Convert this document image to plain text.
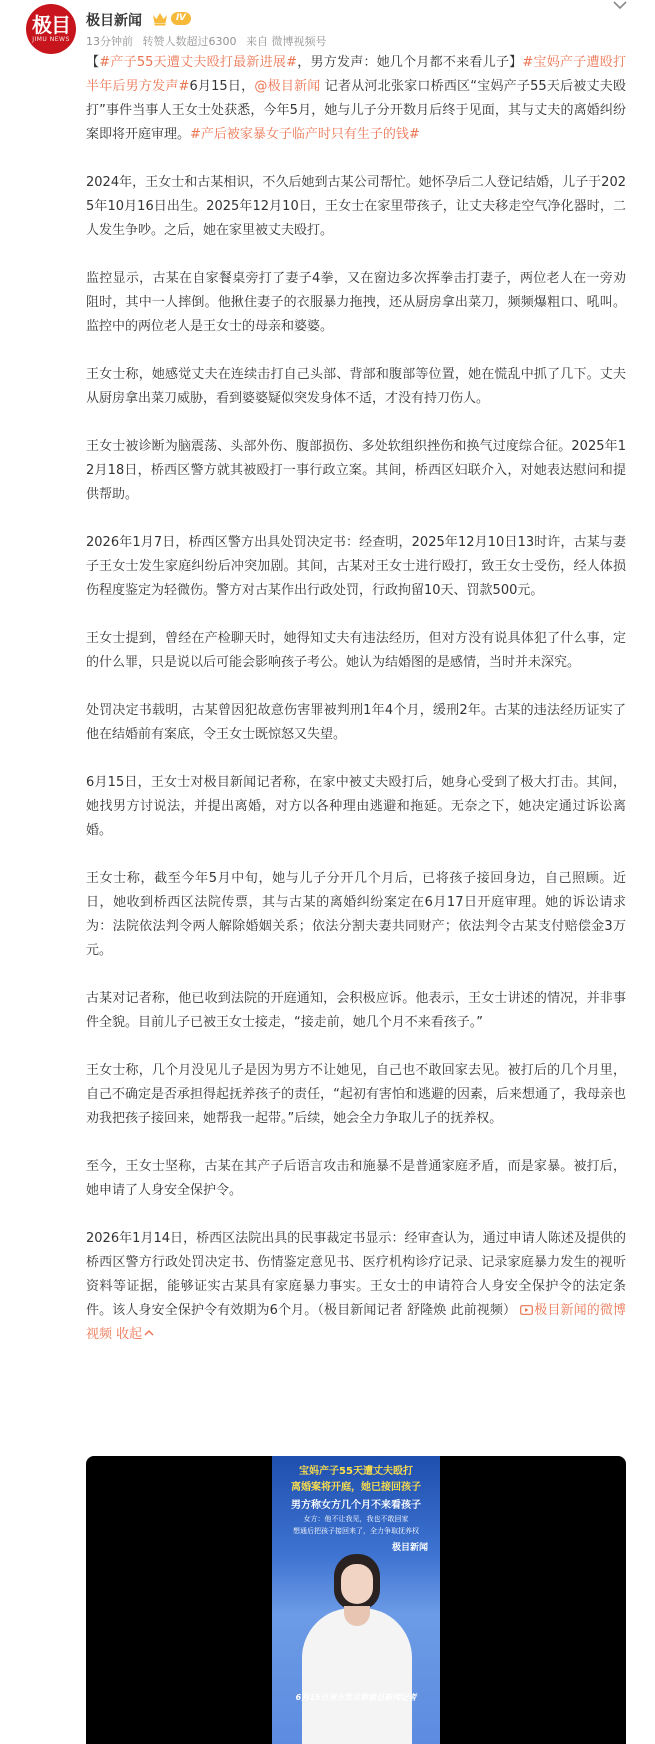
极目
JIMU NEWS
极目新闻	Ⅳ
13分钟前 转赞人数超过6300 来自 微博视频号

【#产子55天遭丈夫殴打最新进展#，男方发声：她几个月都不来看儿子】#宝妈产子遭殴打半年后男方发声#6月15日，@极目新闻 记者从河北张家口桥西区“宝妈产子55天后被丈夫殴打”事件当事人王女士处获悉，今年5月，她与儿子分开数月后终于见面，其与丈夫的离婚纠纷案即将开庭审理。#产后被家暴女子临产时只有生子的钱#

2024年，王女士和古某相识，不久后她到古某公司帮忙。她怀孕后二人登记结婚，儿子于2025年10月16日出生。2025年12月10日，王女士在家里带孩子，让丈夫移走空气净化器时，二人发生争吵。之后，她在家里被丈夫殴打。

监控显示，古某在自家餐桌旁打了妻子4拳，又在窗边多次挥拳击打妻子，两位老人在一旁劝阻时，其中一人摔倒。他揪住妻子的衣服暴力拖拽，还从厨房拿出菜刀，频频爆粗口、吼叫。监控中的两位老人是王女士的母亲和婆婆。

王女士称，她感觉丈夫在连续击打自己头部、背部和腹部等位置，她在慌乱中抓了几下。丈夫从厨房拿出菜刀威胁，看到婆婆疑似突发身体不适，才没有持刀伤人。

王女士被诊断为脑震荡、头部外伤、腹部损伤、多处软组织挫伤和换气过度综合征。2025年12月18日，桥西区警方就其被殴打一事行政立案。其间，桥西区妇联介入，对她表达慰问和提供帮助。

2026年1月7日，桥西区警方出具处罚决定书：经查明，2025年12月10日13时许，古某与妻子王女士发生家庭纠纷后冲突加剧。其间，古某对王女士进行殴打，致王女士受伤，经人体损伤程度鉴定为轻微伤。警方对古某作出行政处罚，行政拘留10天、罚款500元。

王女士提到，曾经在产检聊天时，她得知丈夫有违法经历，但对方没有说具体犯了什么事，定的什么罪，只是说以后可能会影响孩子考公。她认为结婚图的是感情，当时并未深究。

处罚决定书载明，古某曾因犯故意伤害罪被判刑1年4个月，缓刑2年。古某的违法经历证实了他在结婚前有案底，令王女士既惊怒又失望。

6月15日，王女士对极目新闻记者称，在家中被丈夫殴打后，她身心受到了极大打击。其间，她找男方讨说法，并提出离婚，对方以各种理由逃避和拖延。无奈之下，她决定通过诉讼离婚。

王女士称，截至今年5月中旬，她与儿子分开几个月后，已将孩子接回身边，自己照顾。近日，她收到桥西区法院传票，其与古某的离婚纠纷案定在6月17日开庭审理。她的诉讼请求为：法院依法判令两人解除婚姻关系；依法分割夫妻共同财产；依法判令古某支付赔偿金3万元。

古某对记者称，他已收到法院的开庭通知，会积极应诉。他表示，王女士讲述的情况，并非事件全貌。目前儿子已被王女士接走，“接走前，她几个月不来看孩子。”

王女士称，几个月没见儿子是因为男方不让她见，自己也不敢回家去见。被打后的几个月里，自己不确定是否承担得起抚养孩子的责任，“起初有害怕和逃避的因素，后来想通了，我母亲也劝我把孩子接回来，她帮我一起带。”后续，她会全力争取儿子的抚养权。

至今，王女士坚称，古某在其产子后语言攻击和施暴不是普通家庭矛盾，而是家暴。被打后，她申请了人身安全保护令。

2026年1月14日，桥西区法院出具的民事裁定书显示：经审查认为，通过申请人陈述及提供的桥西区警方行政处罚决定书、伤情鉴定意见书、医疗机构诊疗记录、记录家庭暴力发生的视听资料等证据，能够证实古某具有家庭暴力事实。王女士的申请符合人身安全保护令的法定条件。该人身安全保护令有效期为6个月。（极目新闻记者 舒隆焕 此前视频） 极目新闻的微博视频 收起

宝妈产子55天遭丈夫殴打
离婚案将开庭，她已接回孩子
男方称女方几个月不来看孩子
女方：他不让我见，我也不敢回家
想通后把孩子接回来了，全力争取抚养权
极目新闻
6月15日男方发言称极目新闻记者
